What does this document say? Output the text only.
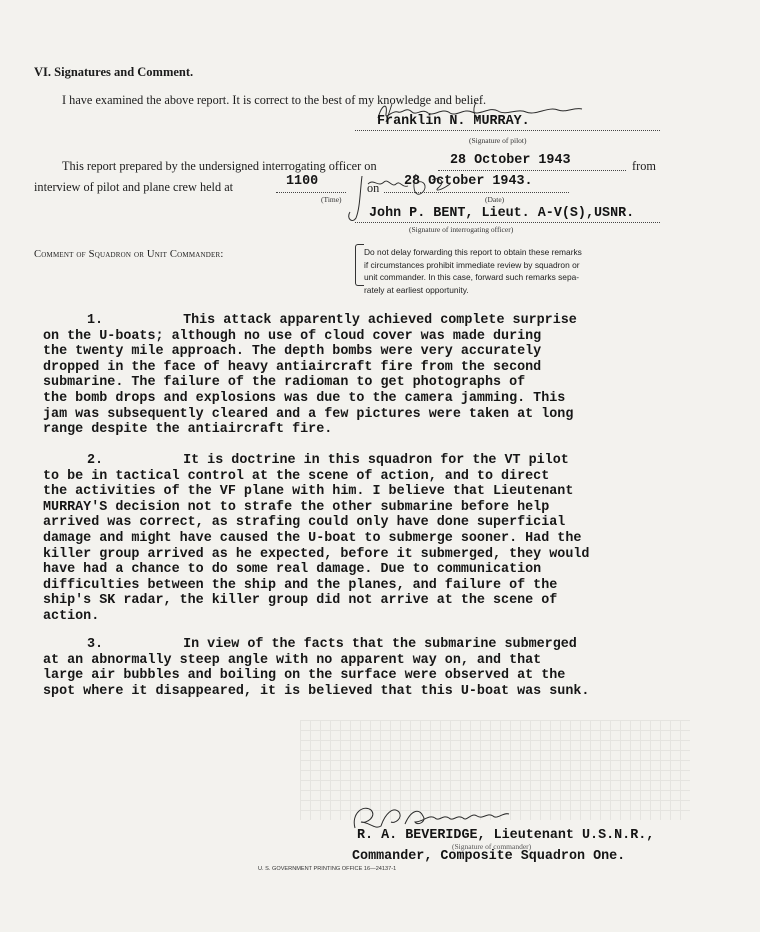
VI. Signatures and Comment.
I have examined the above report. It is correct to the best of my knowledge and belief.
Franklin N. MURRAY.
(Signature of pilot)
This report prepared by the undersigned interrogating officer on	28 October 1943	from
interview of pilot and plane crew held at	1100
(Time)
on 28 October 1943.
(Date)
John P. BENT, Lieut. A-V(S),USNR.
(Signature of interrogating officer)
Comment of Squadron or Unit Commander:	Do not delay forwarding this report to obtain these remarks
if circumstances prohibit immediate review by squadron or
unit commander. In this case, forward such remarks sepa-
rately at earliest opportunity.
1.	This attack apparently achieved complete surprise
on the U-boats; although no use of cloud cover was made during
the twenty mile approach. The depth bombs were very accurately
dropped in the face of heavy antiaircraft fire from the second
submarine. The failure of the radioman to get photographs of
the bomb drops and explosions was due to the camera jamming. This
jam was subsequently cleared and a few pictures were taken at long
range despite the antiaircraft fire.
2.	It is doctrine in this squadron for the VT pilot
to be in tactical control at the scene of action, and to direct
the activities of the VF plane with him. I believe that Lieutenant
MURRAY'S decision not to strafe the other submarine before help
arrived was correct, as strafing could only have done superficial
damage and might have caused the U-boat to submerge sooner. Had the
killer group arrived as he expected, before it submerged, they would
have had a chance to do some real damage. Due to communication
difficulties between the ship and the planes, and failure of the
ship's SK radar, the killer group did not arrive at the scene of
action.
3.	In view of the facts that the submarine submerged
at an abnormally steep angle with no apparent way on, and that
large air bubbles and boiling on the surface were observed at the
spot where it disappeared, it is believed that this U-boat was sunk.
R. A. BEVERIDGE, Lieutenant U.S.N.R.,
(Signature of commander)
Commander, Composite Squadron One.
U. S. GOVERNMENT PRINTING OFFICE 16—24137-1
